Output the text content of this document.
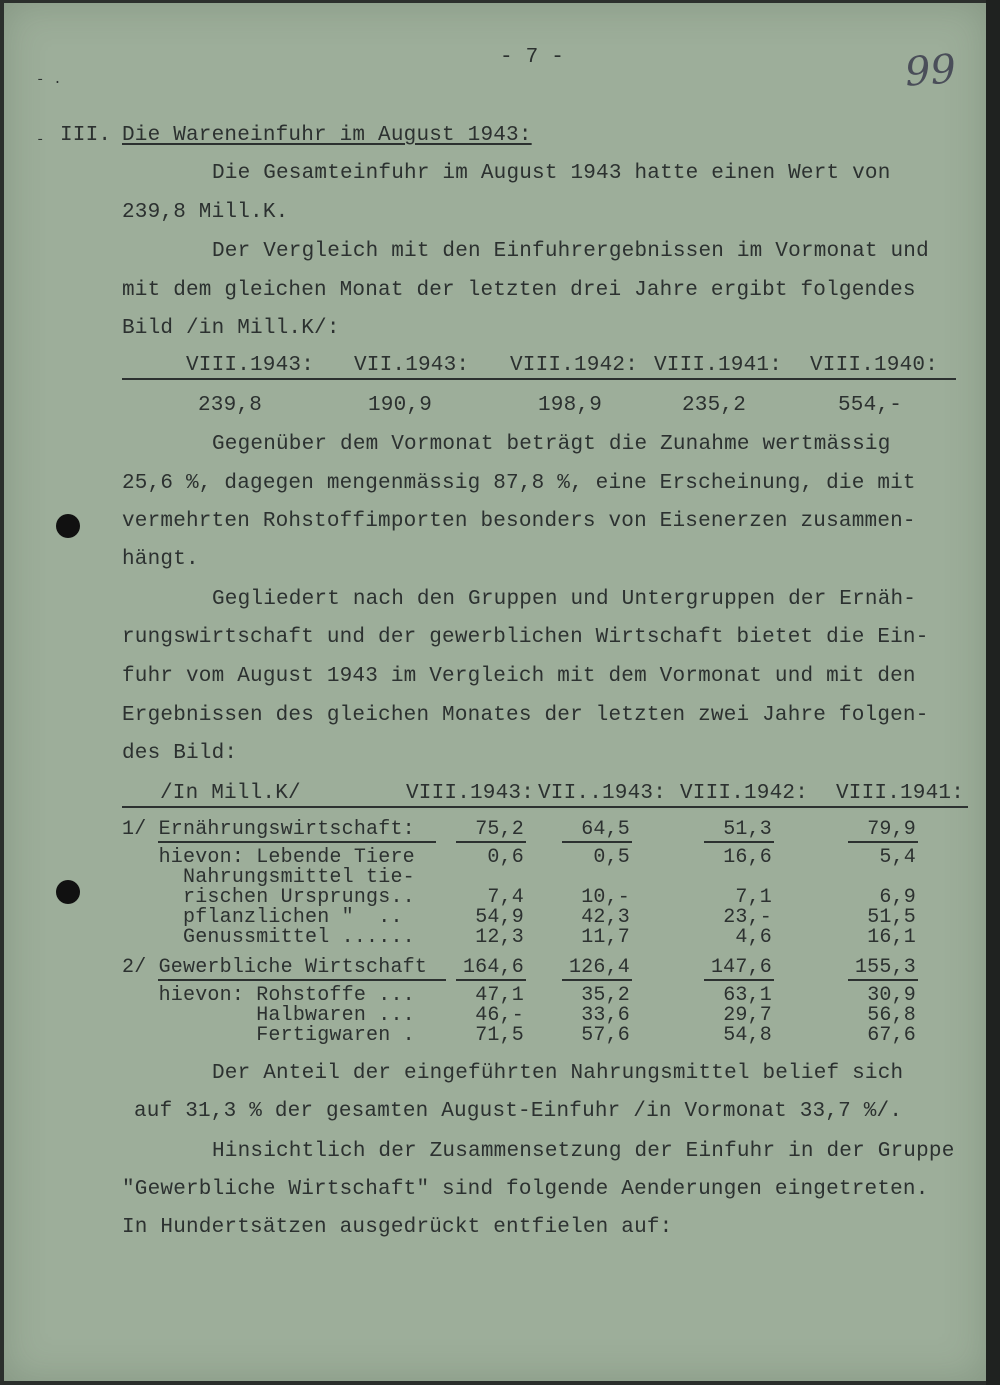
- 7 -	99
- .
- III. Die Wareneinfuhr im August 1943:
Die Gesamteinfuhr im August 1943 hatte einen Wert von
239,8 Mill.K.
Der Vergleich mit den Einfuhrergebnissen im Vormonat und
mit dem gleichen Monat der letzten drei Jahre ergibt folgendes
Bild /in Mill.K/:
VIII.1943: VII.1943: VIII.1942: VIII.1941: VIII.1940:
239,8	190,9	198,9	235,2	554,-
Gegenüber dem Vormonat beträgt die Zunahme wertmässig
25,6 %, dagegen mengenmässig 87,8 %, eine Erscheinung, die mit
vermehrten Rohstoffimporten besonders von Eisenerzen zusammen-
hängt.
Gegliedert nach den Gruppen und Untergruppen der Ernäh-
rungswirtschaft und der gewerblichen Wirtschaft bietet die Ein-
fuhr vom August 1943 im Vergleich mit dem Vormonat und mit den
Ergebnissen des gleichen Monates der letzten zwei Jahre folgen-
des Bild:
/In Mill.K/	VIII.1943: VII..1943: VIII.1942: VIII.1941:
1/ Ernährungswirtschaft:	75,2	64,5	51,3	79,9
hievon: Lebende Tiere	0,6	0,5	16,6	5,4
Nahrungsmittel tie-
rischen Ursprungs..	7,4	10,-	7,1	6,9
pflanzlichen "  ..	54,9	42,3	23,-	51,5
Genussmittel ......	12,3	11,7	4,6	16,1
2/ Gewerbliche Wirtschaft	164,6	126,4	147,6	155,3
hievon: Rohstoffe ...	47,1	35,2	63,1	30,9
Halbwaren ...	46,-	33,6	29,7	56,8
Fertigwaren .	71,5	57,6	54,8	67,6
Der Anteil der eingeführten Nahrungsmittel belief sich
auf 31,3 % der gesamten August-Einfuhr /in Vormonat 33,7 %/.
Hinsichtlich der Zusammensetzung der Einfuhr in der Gruppe
"Gewerbliche Wirtschaft" sind folgende Aenderungen eingetreten.
In Hundertsätzen ausgedrückt entfielen auf:
